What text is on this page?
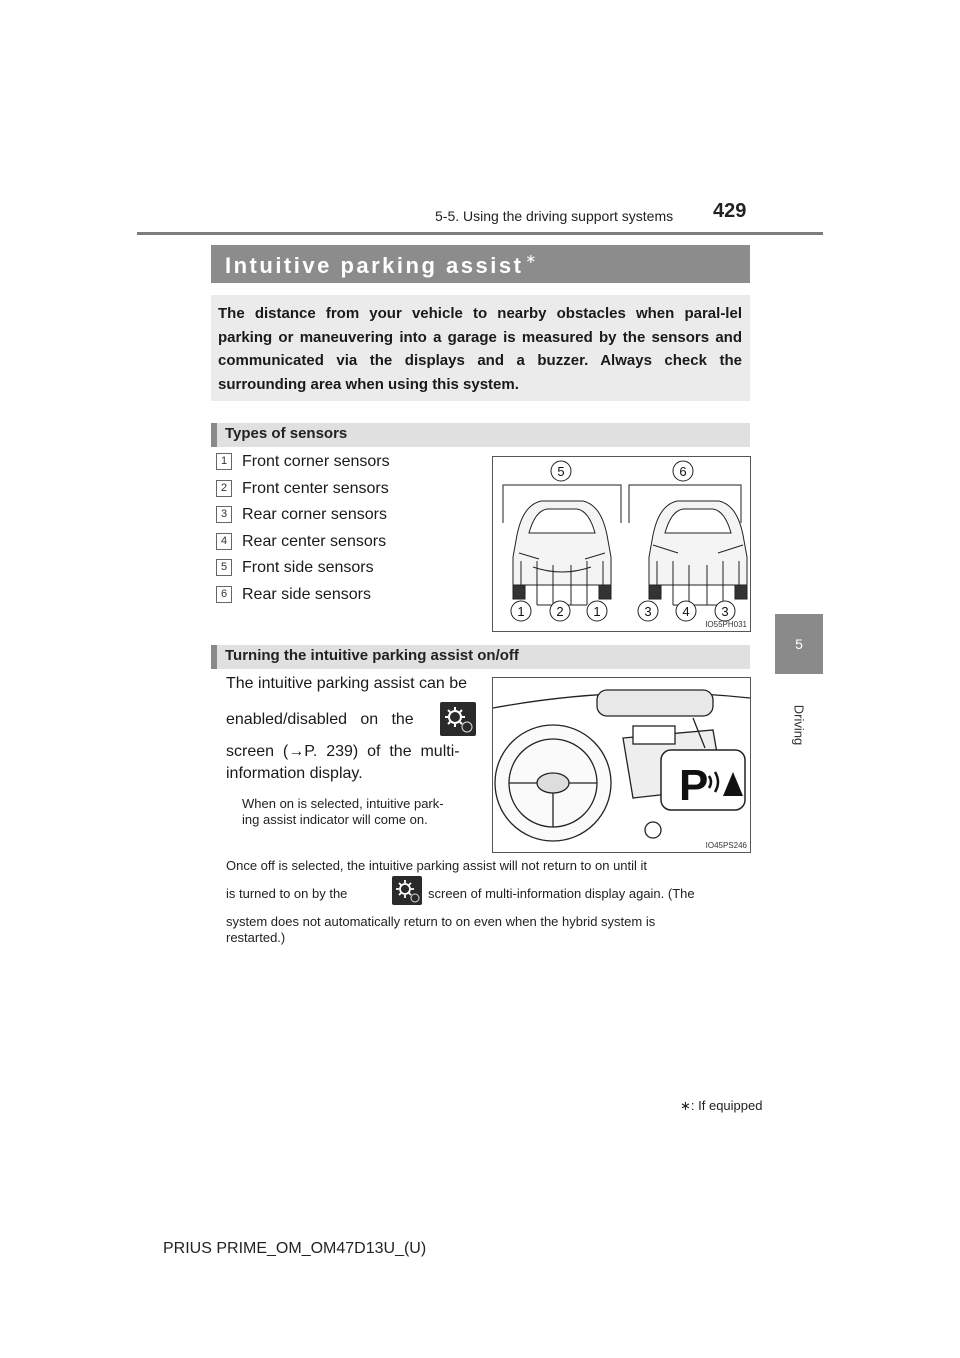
5-5. Using the driving support systems 429
5
Driving
Intuitive parking assist ∗
The distance from your vehicle to nearby obstacles when paral-lel parking or maneuvering into a garage is measured by the sensors and communicated via the displays and a buzzer. Always check the surrounding area when using this system.
Types of sensors
1 Front corner sensors
2 Front center sensors
3 Rear corner sensors
4 Rear center sensors
5 Front side sensors
6 Rear side sensors
5	6
1 2 1	3 4 3
IO55PH031
Turning the intuitive parking assist on/off
The intuitive parking assist can be
enabled/disabled   on   the
screen  (→P.  239)  of  the  multi-
information display.
When on is selected, intuitive park-
ing assist indicator will come on.
P
IO45PS246
Once off is selected, the intuitive parking assist will not return to on until it
is turned to on by the	screen of multi-information display again. (The
system does not automatically return to on even when the hybrid system is
restarted.)
∗: If equipped
PRIUS PRIME_OM_OM47D13U_(U)
